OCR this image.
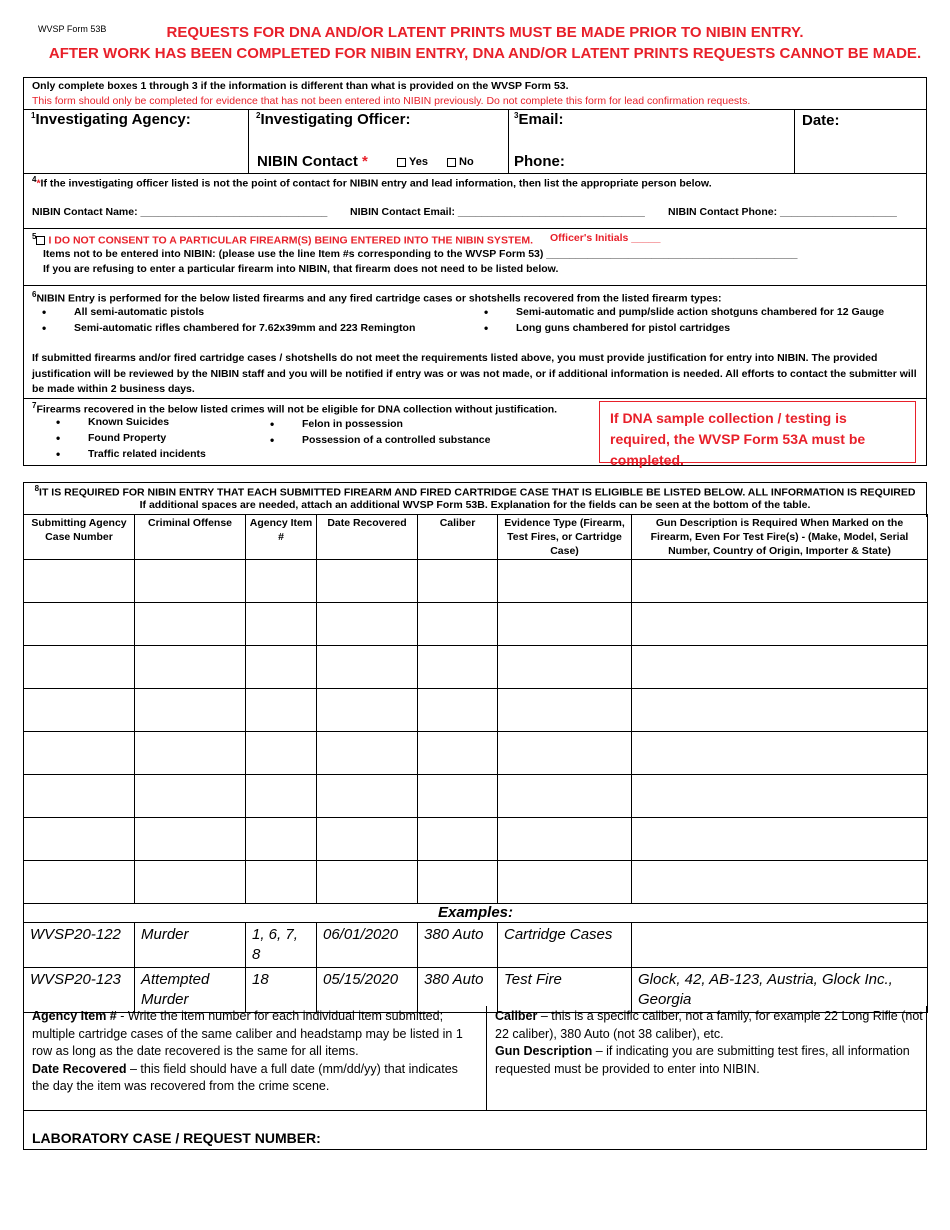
WVSP Form 53B	REQUESTS FOR DNA AND/OR LATENT PRINTS MUST BE MADE PRIOR TO NIBIN ENTRY.
AFTER WORK HAS BEEN COMPLETED FOR NIBIN ENTRY, DNA AND/OR LATENT PRINTS REQUESTS CANNOT BE MADE.
Only complete boxes 1 through 3 if the information is different than what is provided on the WVSP Form 53.
This form should only be completed for evidence that has not been entered into NIBIN previously. Do not complete this form for lead confirmation requests.
$^1$Investigating Agency:	$^2$Investigating Officer:	$^3$Email:	Date:
NIBIN Contact *	Yes	No	Phone:
$^4$*If the investigating officer listed is not the point of contact for NIBIN entry and lead information, then list the appropriate person below.
NIBIN Contact Name: ________________________________ NIBIN Contact Email: ________________________________ NIBIN Contact Phone: ____________________
$^5$ I DO NOT CONSENT TO A PARTICULAR FIREARM(S) BEING ENTERED INTO THE NIBIN SYSTEM. Officer's Initials _____
Items not to be entered into NIBIN: (please use the line Item #s corresponding to the WVSP Form 53) ___________________________________________
If you are refusing to enter a particular firearm into NIBIN, that firearm does not need to be listed below.
$^6$NIBIN Entry is performed for the below listed firearms and any fired cartridge cases or shotshells recovered from the listed firearm types:
• All semi-automatic pistols
• Semi-automatic rifles chambered for 7.62x39mm and 223 Remington
• Semi-automatic and pump/slide action shotguns chambered for 12 Gauge
• Long guns chambered for pistol cartridges
If submitted firearms and/or fired cartridge cases / shotshells do not meet the requirements listed above, you must provide justification for entry into NIBIN. The provided justification will be reviewed by the NIBIN staff and you will be notified if entry was or was not made, or if additional information is needed. All efforts to contact the submitter will be made within 2 business days.
$^7$Firearms recovered in the below listed crimes will not be eligible for DNA collection without justification.
• Known Suicides
• Found Property
• Traffic related incidents
• Felon in possession
• Possession of a controlled substance
If DNA sample collection / testing is required, the WVSP Form 53A must be completed.
$^8$IT IS REQUIRED FOR NIBIN ENTRY THAT EACH SUBMITTED FIREARM AND FIRED CARTRIDGE CASE THAT IS ELIGIBLE BE LISTED BELOW. ALL INFORMATION IS REQUIRED
If additional spaces are needed, attach an additional WVSP Form 53B. Explanation for the fields can be seen at the bottom of the table.
Submitting Agency Case Number	Criminal Offense	Agency Item #	Date Recovered	Caliber	Evidence Type (Firearm, Test Fires, or Cartridge Case)	Gun Description is Required When Marked on the Firearm, Even For Test Fire(s) - (Make, Model, Serial Number, Country of Origin, Importer & State)

Examples:						
WVSP20-122	Murder	1, 6, 7, 8	06/01/2020	380 Auto	Cartridge Cases	
WVSP20-123	Attempted Murder	18	05/15/2020	380 Auto	Test Fire	Glock, 42, AB-123, Austria, Glock Inc., Georgia
Agency Item # - Write the item number for each individual item submitted; multiple cartridge cases of the same caliber and headstamp may be listed in 1 row as long as the date recovered is the same for all items.
Date Recovered – this field should have a full date (mm/dd/yy) that indicates the day the item was recovered from the crime scene.
Caliber – this is a specific caliber, not a family, for example 22 Long Rifle (not 22 caliber), 380 Auto (not 38 caliber), etc.
Gun Description – if indicating you are submitting test fires, all information requested must be provided to enter into NIBIN.
LABORATORY CASE / REQUEST NUMBER:
